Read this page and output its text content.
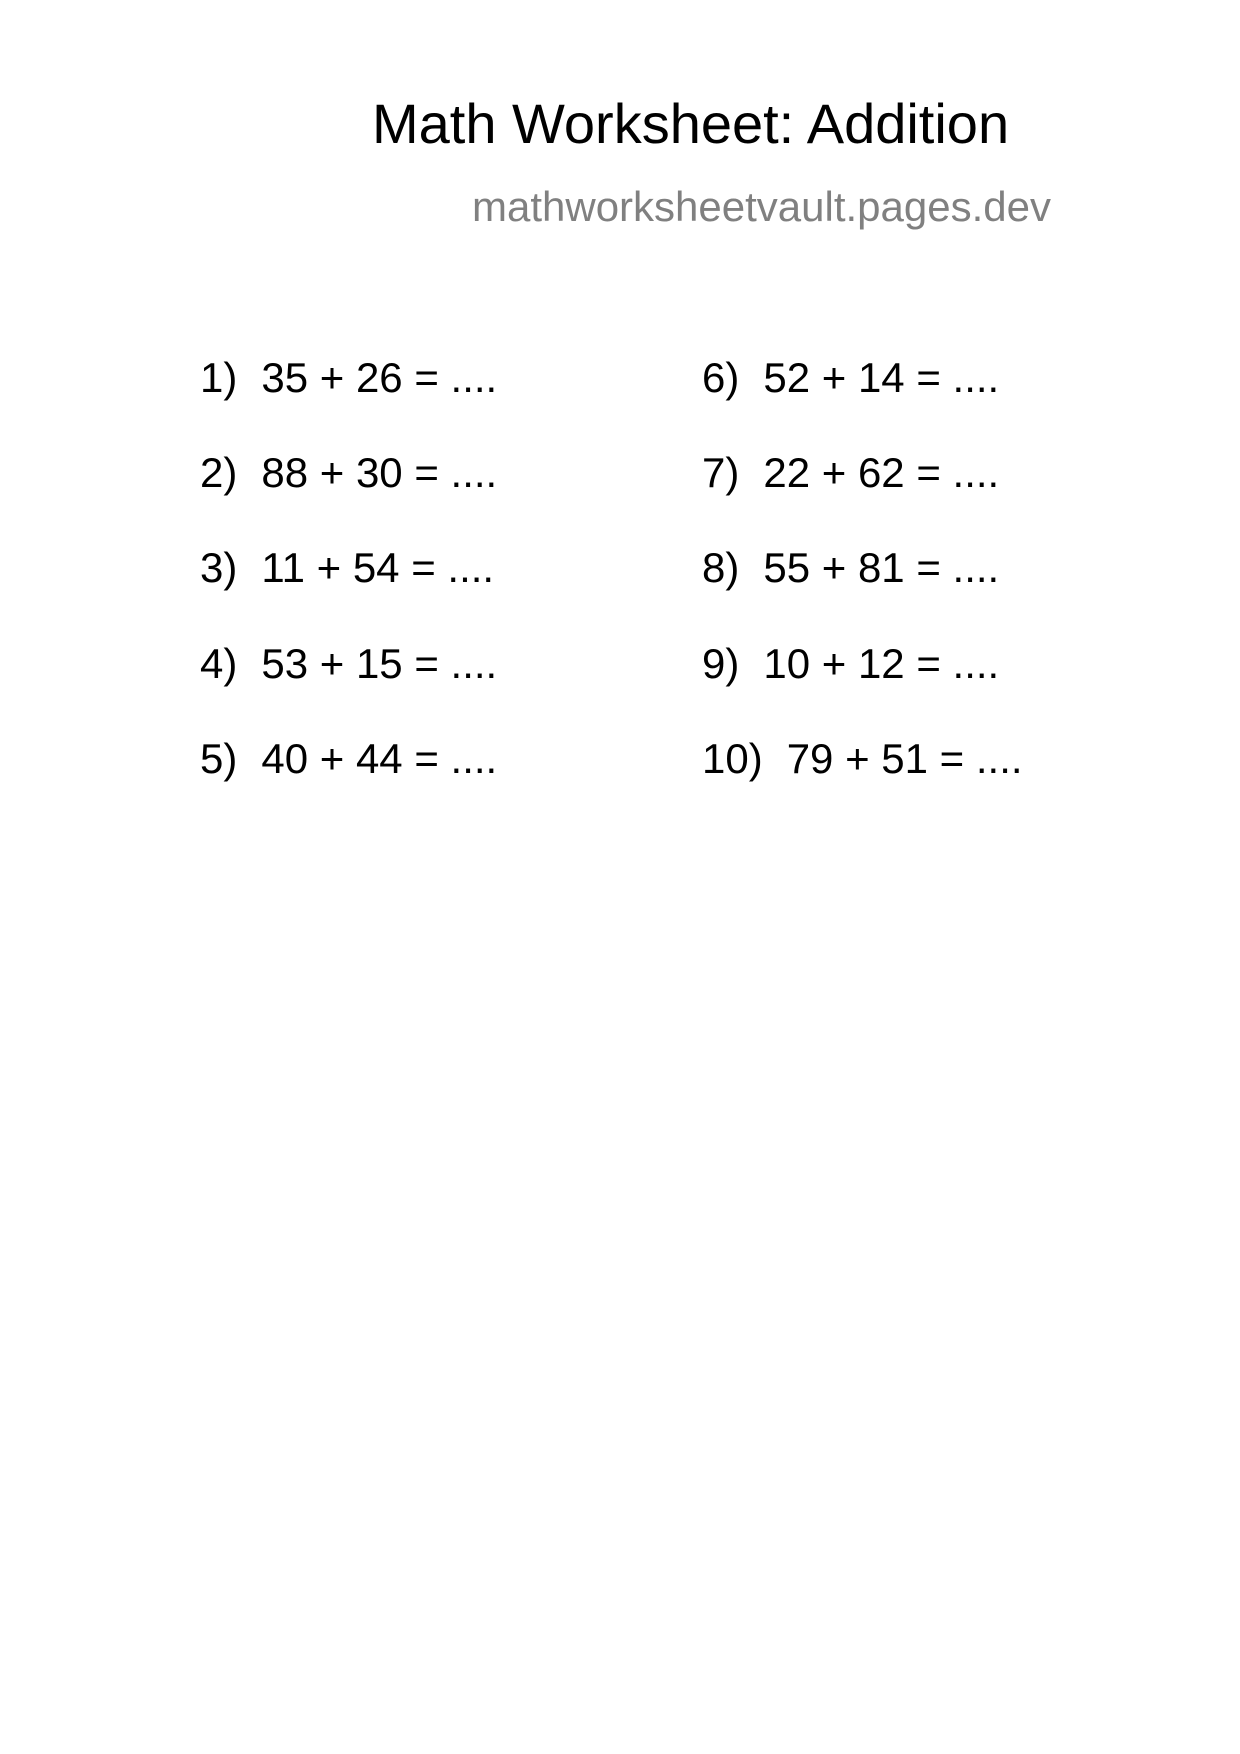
Math Worksheet: Addition
mathworksheetvault.pages.dev
1) 35 + 26 = ....
2) 88 + 30 = ....
3) 11 + 54 = ....
4) 53 + 15 = ....
5) 40 + 44 = ....
6) 52 + 14 = ....
7) 22 + 62 = ....
8) 55 + 81 = ....
9) 10 + 12 = ....
10) 79 + 51 = ....
